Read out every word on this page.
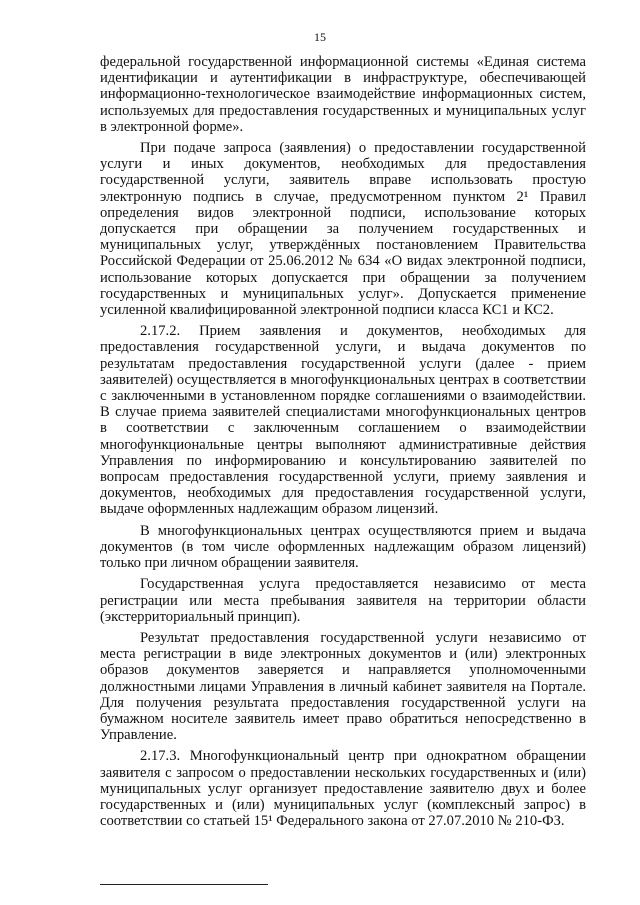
15

федеральной государственной информационной системы «Единая система идентификации и аутентификации в инфраструктуре, обеспечивающей информационно-технологическое взаимодействие информационных систем, используемых для предоставления государственных и муниципальных услуг в электронной форме».

При подаче запроса (заявления) о предоставлении государственной услуги и иных документов, необходимых для предоставления государственной услуги, заявитель вправе использовать простую электронную подпись в случае, предусмотренном пунктом 2¹ Правил определения видов электронной подписи, использование которых допускается при обращении за получением государственных и муниципальных услуг, утверждённых постановлением Правительства Российской Федерации от 25.06.2012 № 634 «О видах электронной подписи, использование которых допускается при обращении за получением государственных и муниципальных услуг». Допускается применение усиленной квалифицированной электронной подписи класса КС1 и КС2.

2.17.2. Прием заявления и документов, необходимых для предоставления государственной услуги, и выдача документов по результатам предоставления государственной услуги (далее - прием заявителей) осуществляется в многофункциональных центрах в соответствии с заключенными в установленном порядке соглашениями о взаимодействии. В случае приема заявителей специалистами многофункциональных центров в соответствии с заключенным соглашением о взаимодействии многофункциональные центры выполняют административные действия Управления по информированию и консультированию заявителей по вопросам предоставления государственной услуги, приему заявления и документов, необходимых для предоставления государственной услуги, выдаче оформленных надлежащим образом лицензий.

В многофункциональных центрах осуществляются прием и выдача документов (в том числе оформленных надлежащим образом лицензий) только при личном обращении заявителя.

Государственная услуга предоставляется независимо от места регистрации или места пребывания заявителя на территории области (экстерриториальный принцип).

Результат предоставления государственной услуги независимо от места регистрации в виде электронных документов и (или) электронных образов документов заверяется и направляется уполномоченными должностными лицами Управления в личный кабинет заявителя на Портале. Для получения результата предоставления государственной услуги на бумажном носителе заявитель имеет право обратиться непосредственно в Управление.

2.17.3. Многофункциональный центр при однократном обращении заявителя с запросом о предоставлении нескольких государственных и (или) муниципальных услуг организует предоставление заявителю двух и более государственных и (или) муниципальных услуг (комплексный запрос) в соответствии со статьей 15¹ Федерального закона от 27.07.2010 № 210-ФЗ.
